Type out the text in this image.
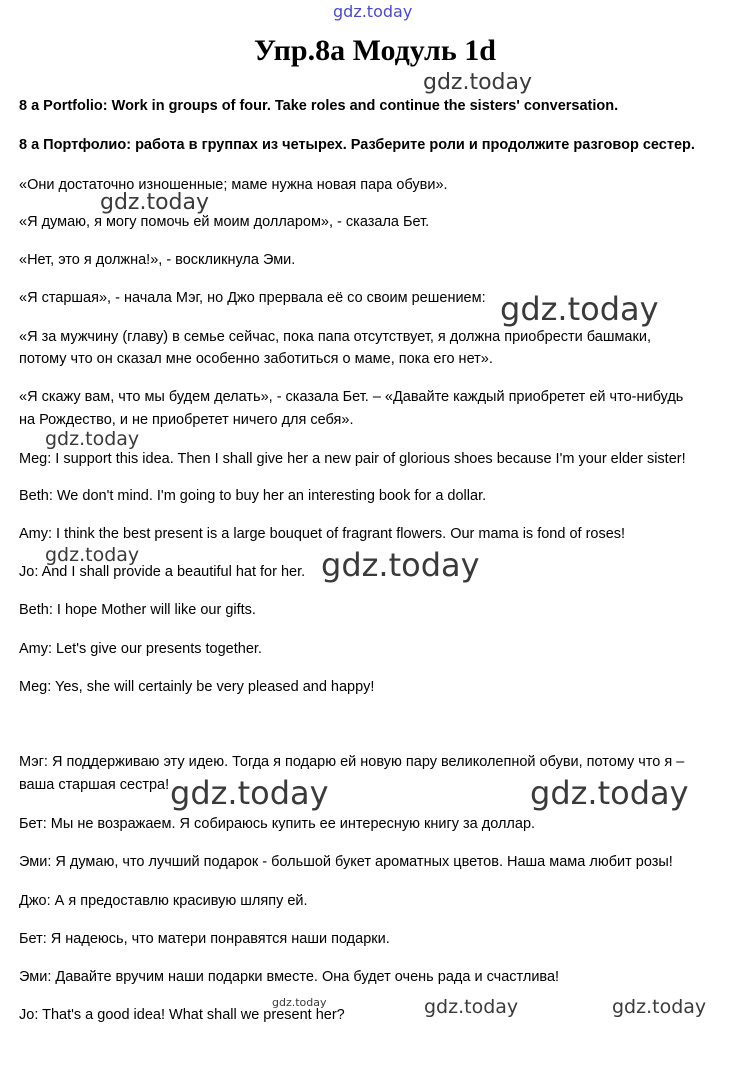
Упр.8а Модуль 1d

8 a Portfolio: Work in groups of four. Take roles and continue the sisters' conversation.

8 а Портфолио: работа в группах из четырех. Разберите роли и продолжите разговор сестер.

«Они достаточно изношенные; маме нужна новая пара обуви».

«Я думаю, я могу помочь ей моим долларом», - сказала Бет.

«Нет, это я должна!», - воскликнула Эми.

«Я старшая», - начала Мэг, но Джо прервала её со своим решением:

«Я за мужчину (главу) в семье сейчас, пока папа отсутствует, я должна приобрести башмаки,

потому что он сказал мне особенно заботиться о маме, пока его нет».

«Я скажу вам, что мы будем делать», - сказала Бет. – «Давайте каждый приобретет ей что-нибудь

на Рождество, и не приобретет ничего для себя».

Meg: I support this idea. Then I shall give her a new pair of glorious shoes because I'm your elder sister!

Beth: We don't mind. I'm going to buy her an interesting book for a dollar.

Amy: I think the best present is a large bouquet of fragrant flowers. Our mama is fond of roses!

Jo: And I shall provide a beautiful hat for her.

Beth: I hope Mother will like our gifts.

Amy: Let's give our presents together.

Meg: Yes, she will certainly be very pleased and happy!

Мэг: Я поддерживаю эту идею. Тогда я подарю ей новую пару великолепной обуви, потому что я –

ваша старшая сестра!

Бет: Мы не возражаем. Я собираюсь купить ее интересную книгу за доллар.

Эми: Я думаю, что лучший подарок - большой букет ароматных цветов. Наша мама любит розы!

Джо: А я предоставлю красивую шляпу ей.

Бет: Я надеюсь, что матери понравятся наши подарки.

Эми: Давайте вручим наши подарки вместе. Она будет очень рада и счастлива!

Jo: That's a good idea! What shall we present her?

gdz.today
gdz.today
gdz.today
gdz.today
gdz.today
gdz.today	gdz.today
gdz.today	gdz.today
gdz.today	gdz.today	gdz.today
